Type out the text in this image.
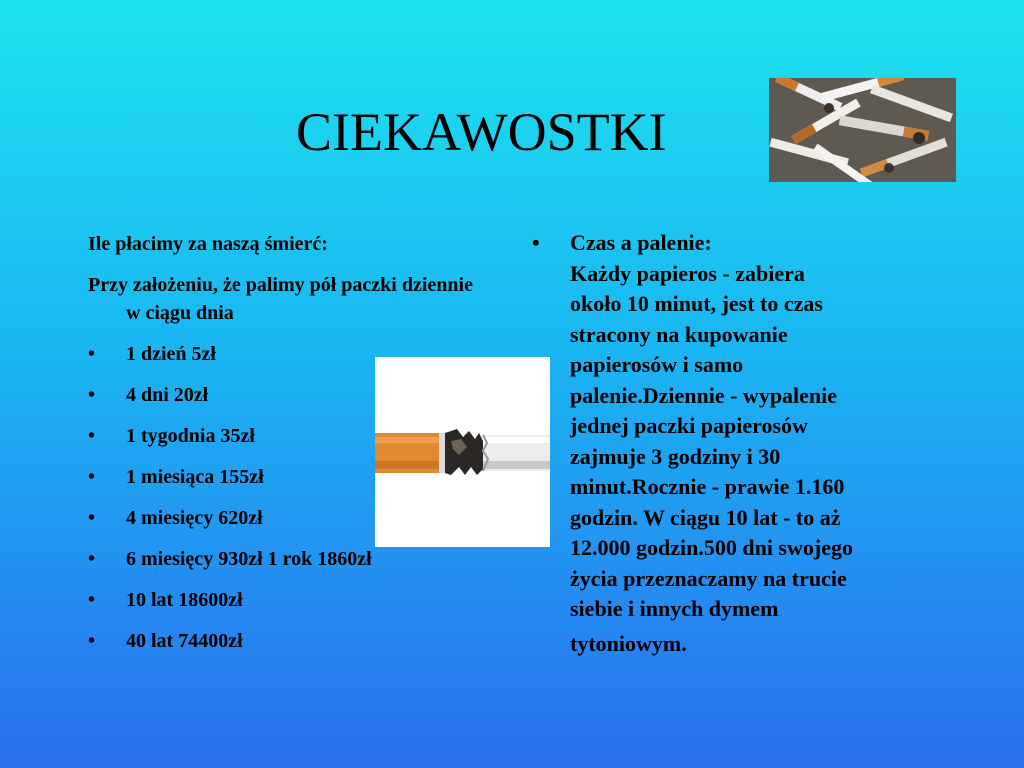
CIEKAWOSTKI
Ile płacimy za naszą śmierć:
Przy założeniu, że palimy pół paczki dziennie w ciągu dnia
• 1 dzień 5zł
• 4 dni 20zł
• 1 tygodnia 35zł
• 1 miesiąca 155zł
• 4 miesięcy 620zł
• 6 miesięcy 930zł 1 rok 1860zł
• 10 lat 18600zł
• 40 lat 74400zł
• Czas a palenie:
Każdy papieros - zabiera
około 10 minut, jest to czas
stracony na kupowanie
papierosów i samo
palenie.Dziennie - wypalenie
jednej paczki papierosów
zajmuje 3 godziny i 30
minut.Rocznie - prawie 1.160
godzin. W ciągu 10 lat - to aż
12.000 godzin.500 dni swojego
życia przeznaczamy na trucie
siebie i innych dymem
tytoniowym.
